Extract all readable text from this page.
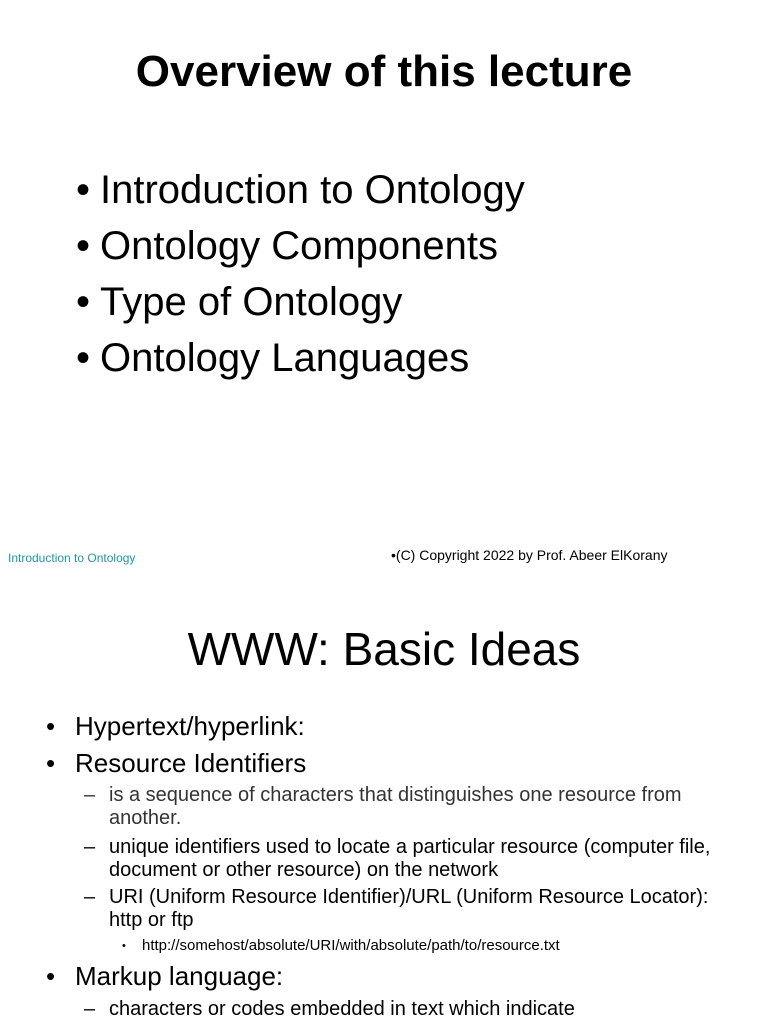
Overview of this lecture
• Introduction to Ontology
• Ontology Components
• Type of Ontology
• Ontology Languages
Introduction to Ontology	•(C) Copyright 2022 by Prof. Abeer ElKorany
WWW: Basic Ideas
• Hypertext/hyperlink:
• Resource Identifiers
– is a sequence of characters that distinguishes one resource from another.
– unique identifiers used to locate a particular resource (computer file, document or other resource) on the network
– URI (Uniform Resource Identifier)/URL (Uniform Resource Locator): http or ftp
• http://somehost/absolute/URI/with/absolute/path/to/resource.txt
• Markup language:
– characters or codes embedded in text which indicate
